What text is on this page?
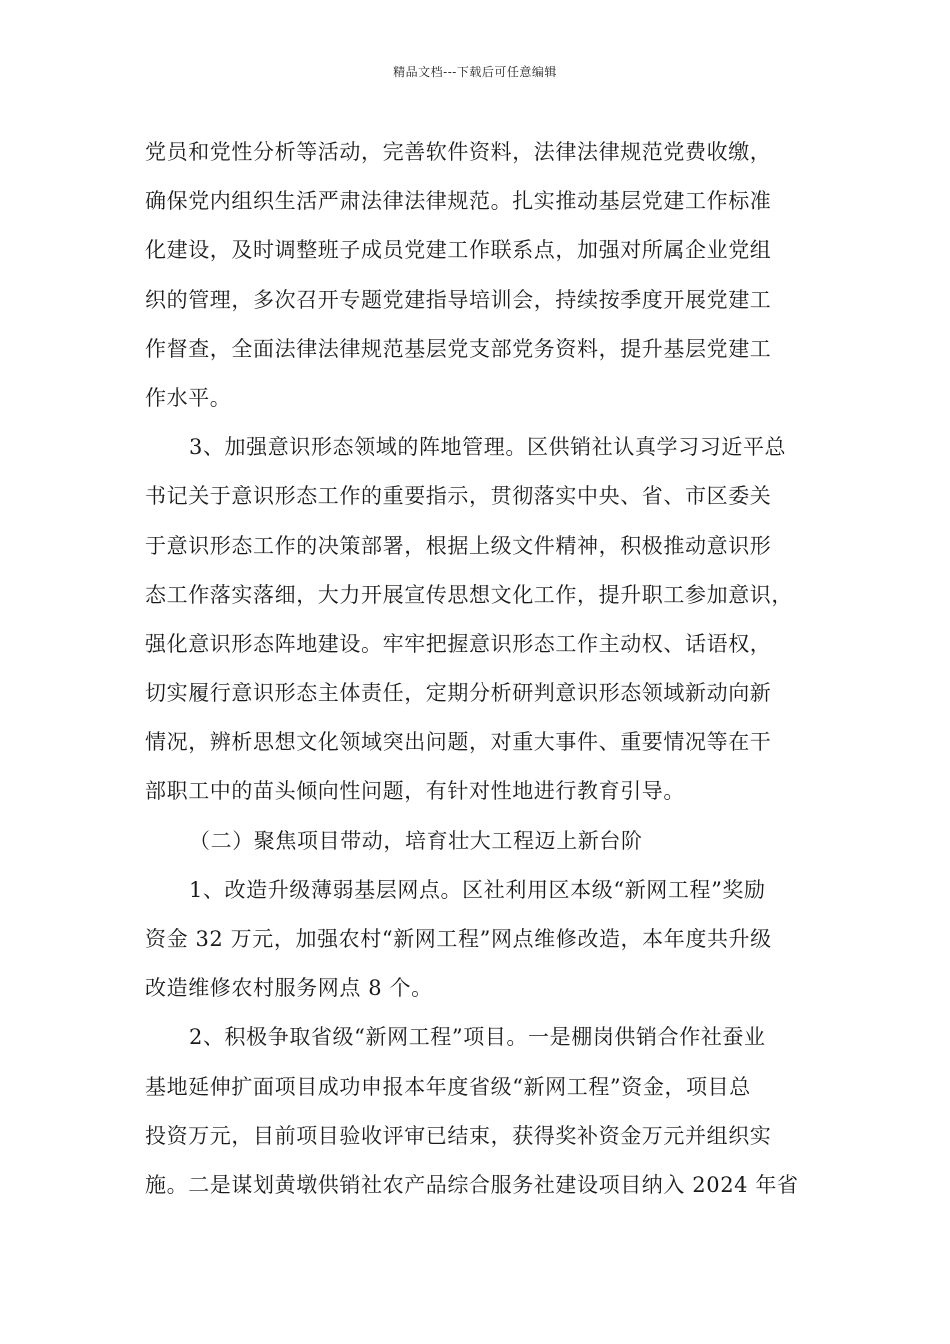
精品文档---下载后可任意编辑
党员和党性分析等活动，完善软件资料，法律法律规范党费收缴，
确保党内组织生活严肃法律法律规范。扎实推动基层党建工作标准
化建设，及时调整班子成员党建工作联系点，加强对所属企业党组
织的管理，多次召开专题党建指导培训会，持续按季度开展党建工
作督查，全面法律法律规范基层党支部党务资料，提升基层党建工
作水平。
3、加强意识形态领域的阵地管理。区供销社认真学习习近平总
书记关于意识形态工作的重要指示，贯彻落实中央、省、市区委关
于意识形态工作的决策部署，根据上级文件精神，积极推动意识形
态工作落实落细，大力开展宣传思想文化工作，提升职工参加意识，
强化意识形态阵地建设。牢牢把握意识形态工作主动权、话语权，
切实履行意识形态主体责任，定期分析研判意识形态领域新动向新
情况，辨析思想文化领域突出问题，对重大事件、重要情况等在干
部职工中的苗头倾向性问题，有针对性地进行教育引导。
（二）聚焦项目带动，培育壮大工程迈上新台阶
1、改造升级薄弱基层网点。区社利用区本级“新网工程”奖励
资金 32 万元，加强农村“新网工程”网点维修改造，本年度共升级
改造维修农村服务网点 8 个。
2、积极争取省级“新网工程”项目。一是棚岗供销合作社蚕业
基地延伸扩面项目成功申报本年度省级“新网工程”资金，项目总
投资万元，目前项目验收评审已结束，获得奖补资金万元并组织实
施。二是谋划黄墩供销社农产品综合服务社建设项目纳入 2024 年省
